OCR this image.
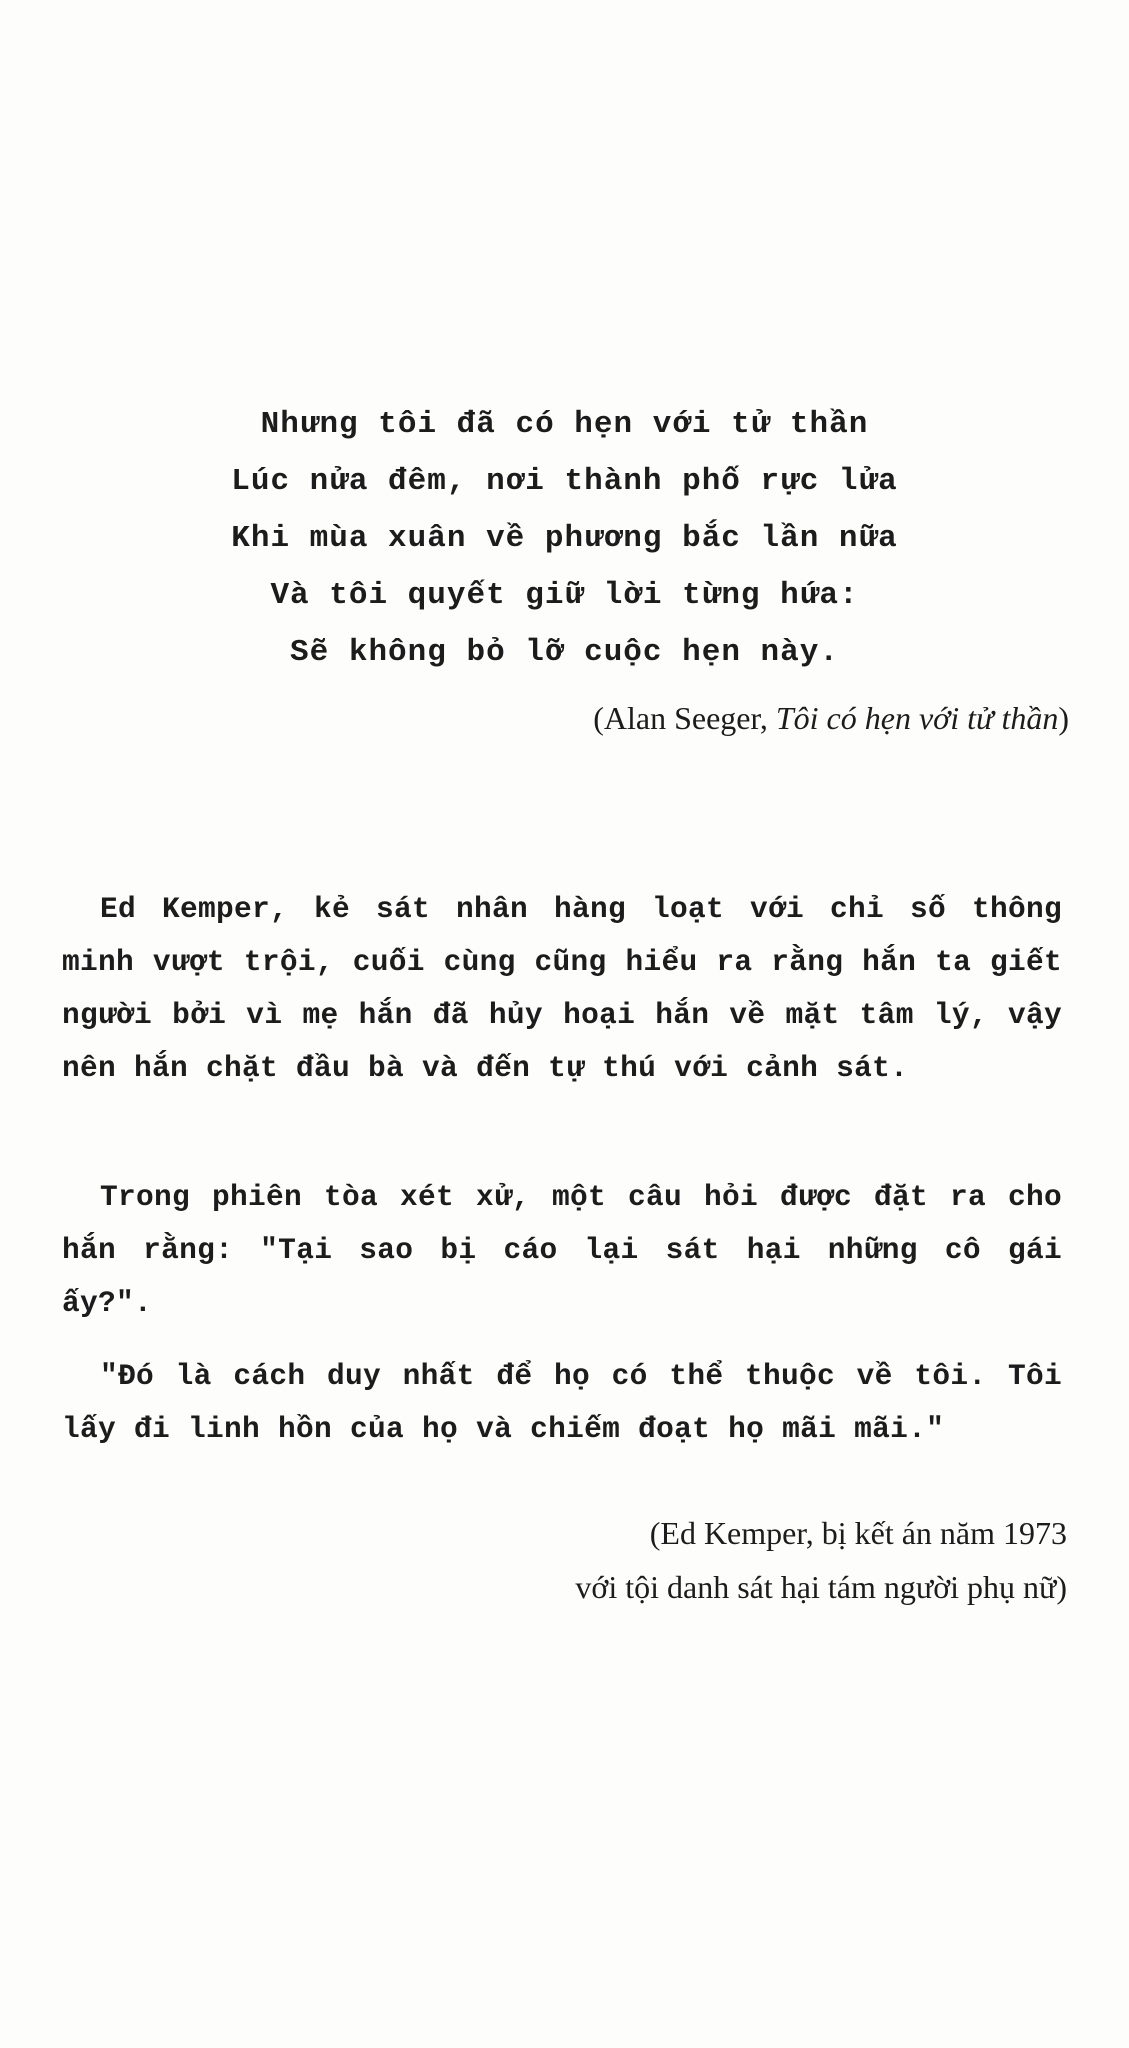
Nhưng tôi đã có hẹn với tử thần
Lúc nửa đêm, nơi thành phố rực lửa
Khi mùa xuân về phương bắc lần nữa
Và tôi quyết giữ lời từng hứa:
Sẽ không bỏ lỡ cuộc hẹn này.
(Alan Seeger, Tôi có hẹn với tử thần)

Ed Kemper, kẻ sát nhân hàng loạt với chỉ số thông minh vượt trội, cuối cùng cũng hiểu ra rằng hắn ta giết người bởi vì mẹ hắn đã hủy hoại hắn về mặt tâm lý, vậy nên hắn chặt đầu bà và đến tự thú với cảnh sát.

Trong phiên tòa xét xử, một câu hỏi được đặt ra cho hắn rằng: "Tại sao bị cáo lại sát hại những cô gái ấy?".

"Đó là cách duy nhất để họ có thể thuộc về tôi. Tôi lấy đi linh hồn của họ và chiếm đoạt họ mãi mãi."

(Ed Kemper, bị kết án năm 1973
với tội danh sát hại tám người phụ nữ)
